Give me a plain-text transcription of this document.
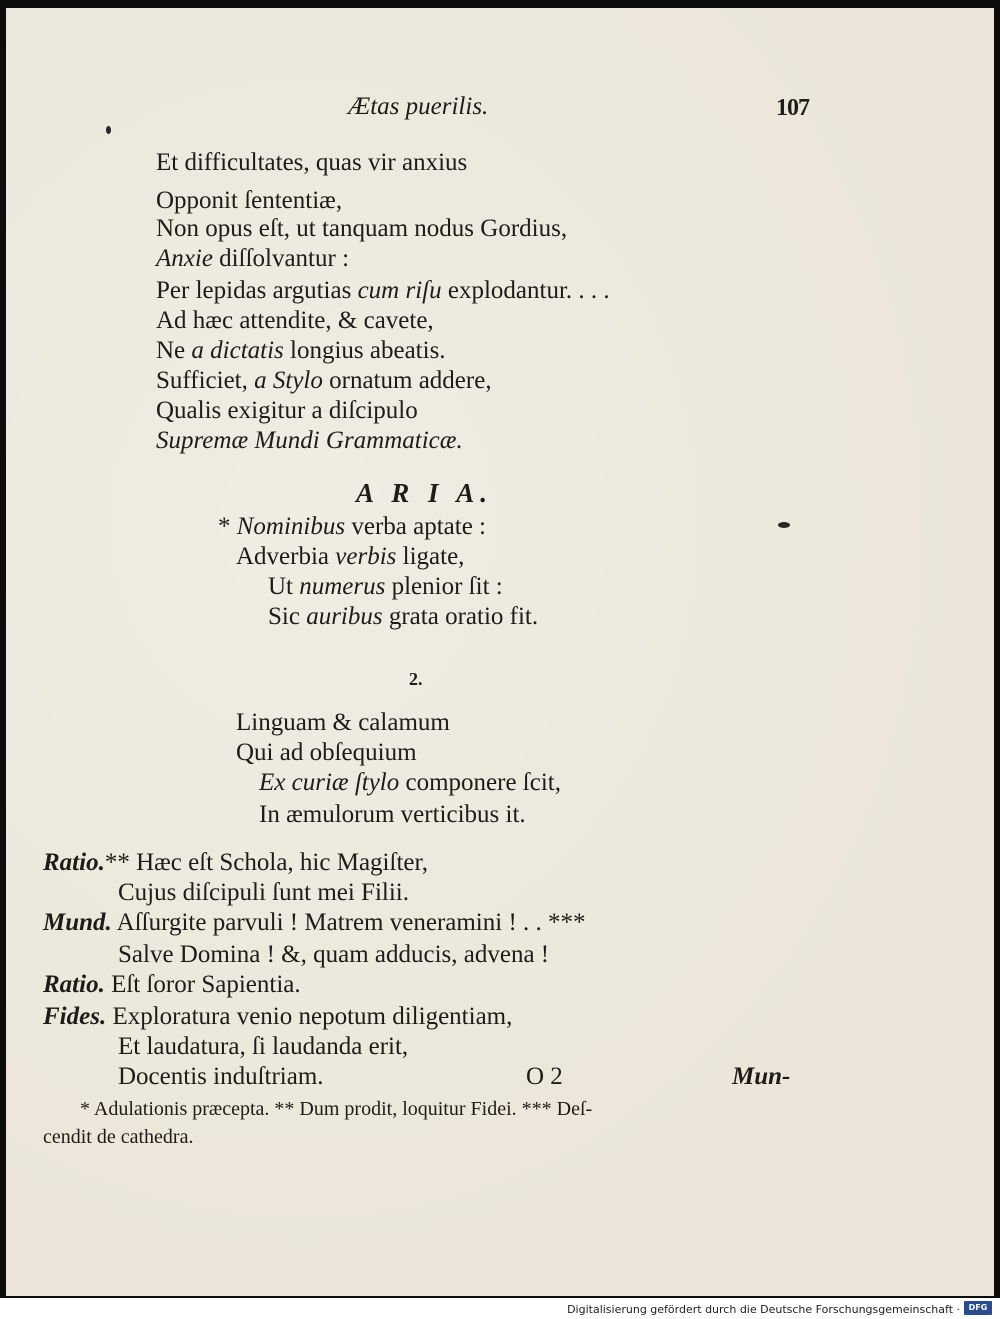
Ætas puerilis.	107
Et difficultates, quas vir anxius
Opponit ſententiæ,
Non opus eſt, ut tanquam nodus Gordius,
Anxie diſſolvantur :
Per lepidas argutias cum riſu explodantur. . . .
Ad hæc attendite, & cavete,
Ne a dictatis longius abeatis.
Sufficiet, a Stylo ornatum addere,
Qualis exigitur a diſcipulo
Supremæ Mundi Grammaticæ.
A R I A.
* Nominibus verba aptate :
Adverbia verbis ligate,
Ut numerus plenior ſit :
Sic auribus grata oratio fit.
2.
Linguam & calamum
Qui ad obſequium
Ex curiæ ſtylo componere ſcit,
In æmulorum verticibus it.
Ratio.** Hæc eſt Schola, hic Magiſter,
Cujus diſcipuli ſunt mei Filii.
Mund. Aſſurgite parvuli ! Matrem veneramini ! . . ***
Salve Domina ! &, quam adducis, advena !
Ratio. Eſt ſoror Sapientia.
Fides. Exploratura venio nepotum diligentiam,
Et laudatura, ſi laudanda erit,
Docentis induſtriam.	O 2	Mun-
* Adulationis præcepta. ** Dum prodit, loquitur Fidei. *** Deſ-
cendit de cathedra.
Digitalisierung gefördert durch die Deutsche Forschungsgemeinschaft ·	DFG
